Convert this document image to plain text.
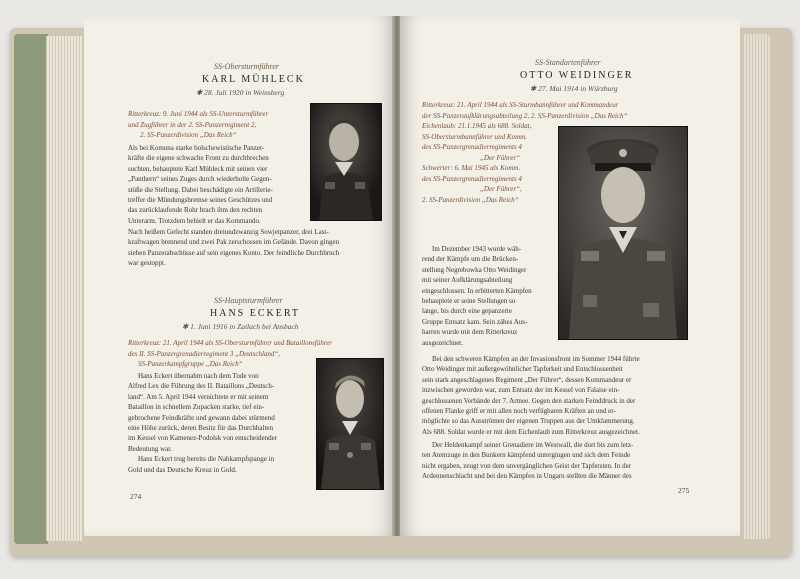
SS-Obersturmführer
KARL MÜHLECK
✱ 28. Juli 1920 in Weinsberg
Ritterkreuz: 9. Juni 1944 als SS-Untersturmführer
und Zugführer in der 2. SS-Panzerregiment 2,
2. SS-Panzerdivision „Das Reich“
Als bei Komuna starke bolschewistische Panzer-
kräfte die eigene schwache Front zu durchbrechen
suchten, behauptete Karl Mühleck mit seinen vier
„Panthern“ seines Zuges durch wiederholte Gegen-
stöße die Stellung. Dabei beschädigte ein Artillerie-
treffer die Mündungsbremse seines Geschützes und
das zurücklaufende Rohr brach ihm den rechten
Unterarm. Trotzdem behielt er das Kommando.
Nach heißem Gefecht standen dreiundzwanzig Sowjetpanzer, drei Last-
kraftwagen brennend und zwei Pak zerschossen im Gelände. Davon gingen
sieben Panzerabschüsse auf sein eigenes Konto. Der feindliche Durchbruch
war gestoppt.
SS-Hauptsturmführer
HANS ECKERT
✱ 1. Juni 1916 in Zailach bei Ansbach
Ritterkreuz: 21. April 1944 als SS-Obersturmführer und Bataillonsführer
des II. SS-Panzergrenadierregiment 3 „Deutschland“,
SS-Panzerkampfgruppe „Das Reich“
Hans Eckert übernahm nach dem Tode von
Alfred Lex die Führung des II. Bataillons „Deutsch-
land“. Am 5. April 1944 vernichtete er mit seinem
Bataillon in schnellem Zupacken starke, tief ein-
gebrochene Feindkräfte und gewann dabei stürmend
eine Höhe zurück, deren Besitz für das Durchhalten
im Kessel von Kamenez-Podolsk von entscheidender
Bedeutung war.
Hans Eckert trug bereits die Nahkampfspange in
Gold und das Deutsche Kreuz in Gold.
274
SS-Standartenführer
OTTO WEIDINGER
✱ 27. Mai 1914 in Würzburg
Ritterkreuz: 21. April 1944 als SS-Sturmbannführer und Kommandeur
der SS-Panzeraufklärungsabteilung 2, 2. SS-Panzerdivision „Das Reich“
Eichenlaub: 21.1.1945 als 688. Soldat,
SS-Obersturmbannführer und Komm.
des SS-Panzergrenadierregiments 4
„Der Führer“
Schwerter: 6. Mai 1945 als Komm.
des SS-Panzergrenadierregiments 4
„Der Führer“,
2. SS-Panzerdivision „Das Reich“
Im Dezember 1943 wurde wäh-
rend der Kämpfe um die Brücken-
stellung Negrebowka Otto Weidinger
mit seiner Aufklärungsabteilung
eingeschlossen. In erbitterten Kämpfen
behauptete er seine Stellungen so
lange, bis durch eine gepanzerte
Gruppe Entsatz kam. Sein zähes Aus-
harren wurde mit dem Ritterkreuz
ausgezeichnet.
Bei den schweren Kämpfen an der Invasionsfront im Sommer 1944 führte
Otto Weidinger mit außergewöhnlicher Tapferkeit und Entschlossenheit
sein stark angeschlagenes Regiment „Der Führer“, dessen Kommandeur er
inzwischen geworden war, zum Entsatz der im Kessel von Falaise ein-
geschlossenen Verbände der 7. Armee. Gegen den starken Feinddruck in der
offenen Flanke griff er mit allen noch verfügbaren Kräften an und er-
möglichte so das Ausströmen der eigenen Truppen aus der Umklammerung.
Als 688. Soldat wurde er mit dem Eichenlaub zum Ritterkreuz ausgezeichnet.
Der Heldenkampf seiner Grenadiere im Westwall, die dort bis zum letz-
ten Atemzuge in den Bunkern kämpfend untergingen und sich dem Feinde
nicht ergaben, zeugt von dem unvergänglichen Geist der Tapfersten. In der
Ardennenschlacht und bei den Kämpfen in Ungarn stellten die Männer des
275
